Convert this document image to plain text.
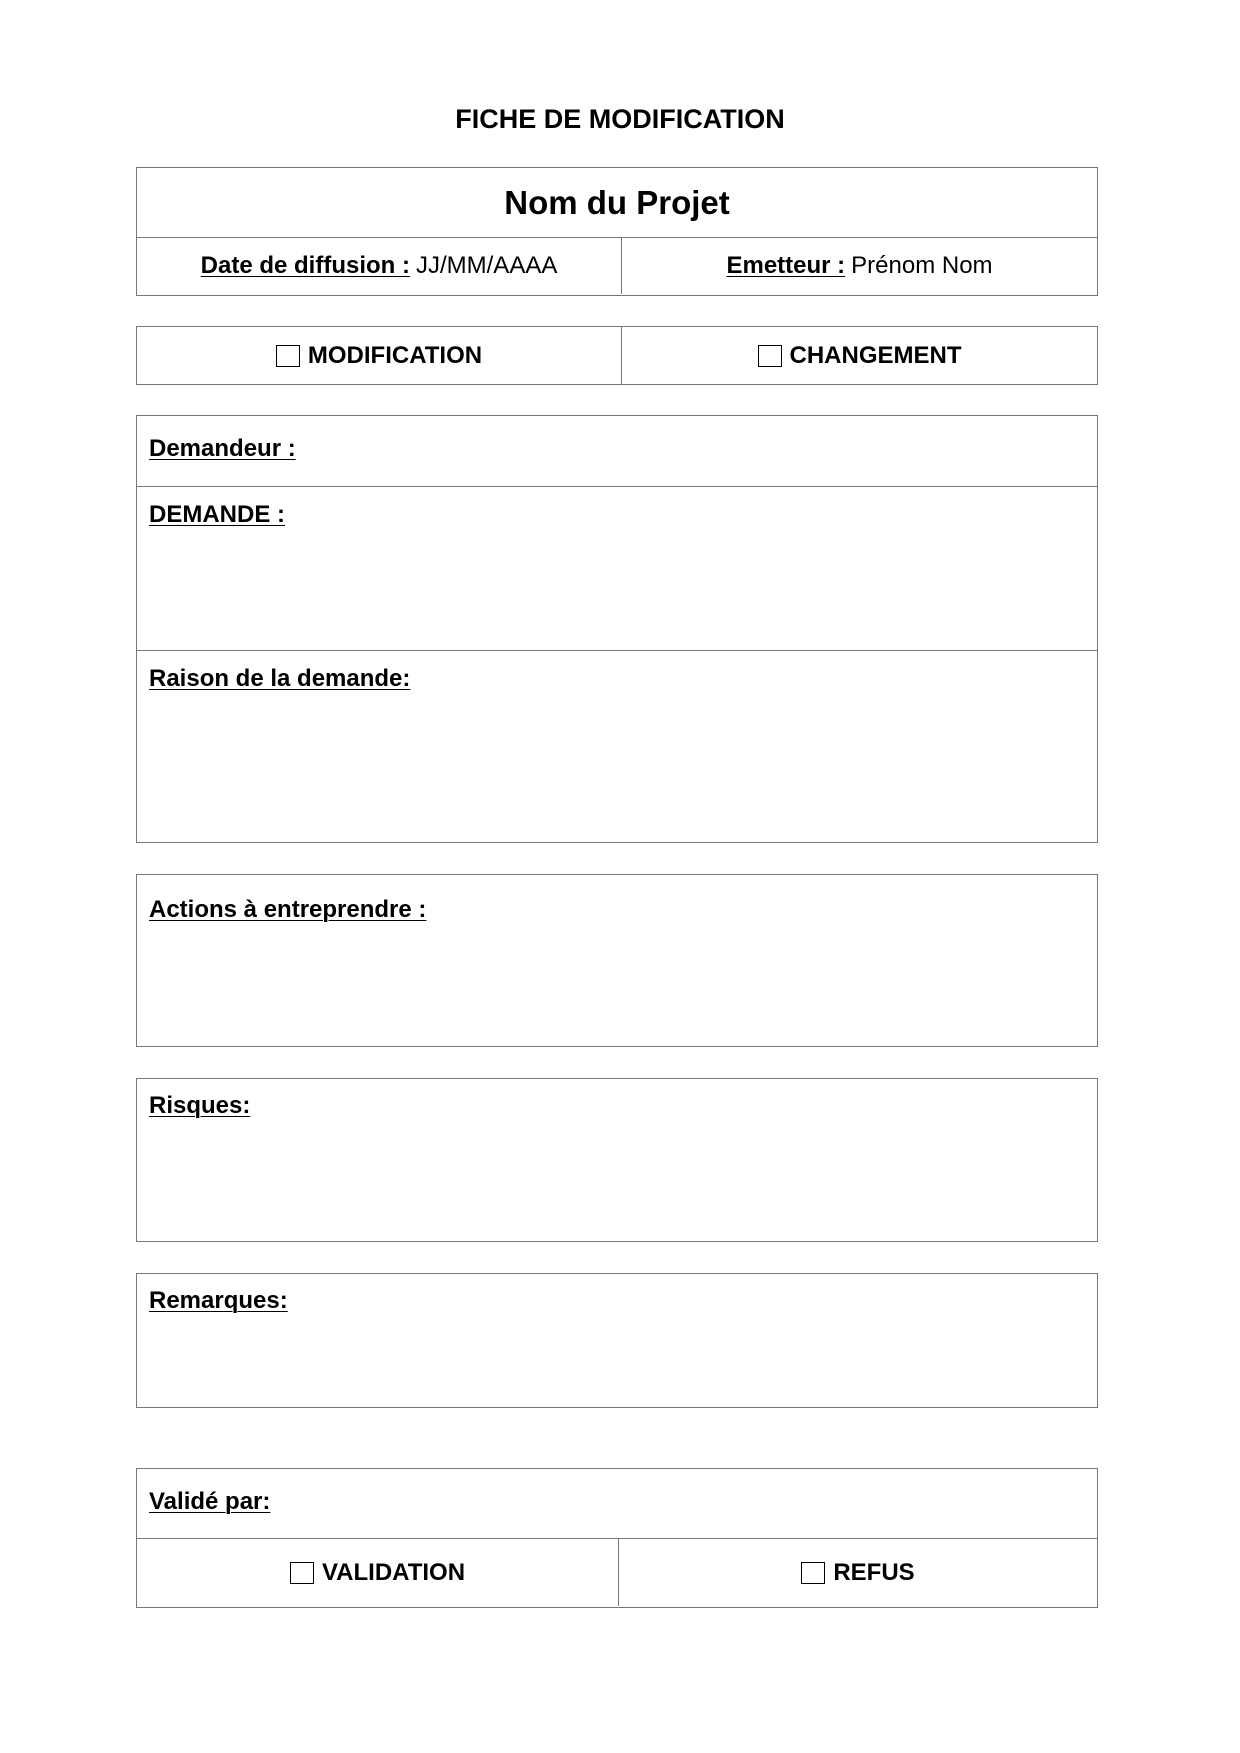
FICHE DE MODIFICATION
Nom du Projet
Date de diffusion : JJ/MM/AAAA	Emetteur : Prénom Nom
MODIFICATION	CHANGEMENT
Demandeur :
DEMANDE :
Raison de la demande:
Actions à entreprendre :
Risques:
Remarques:
Validé par:
VALIDATION	REFUS
